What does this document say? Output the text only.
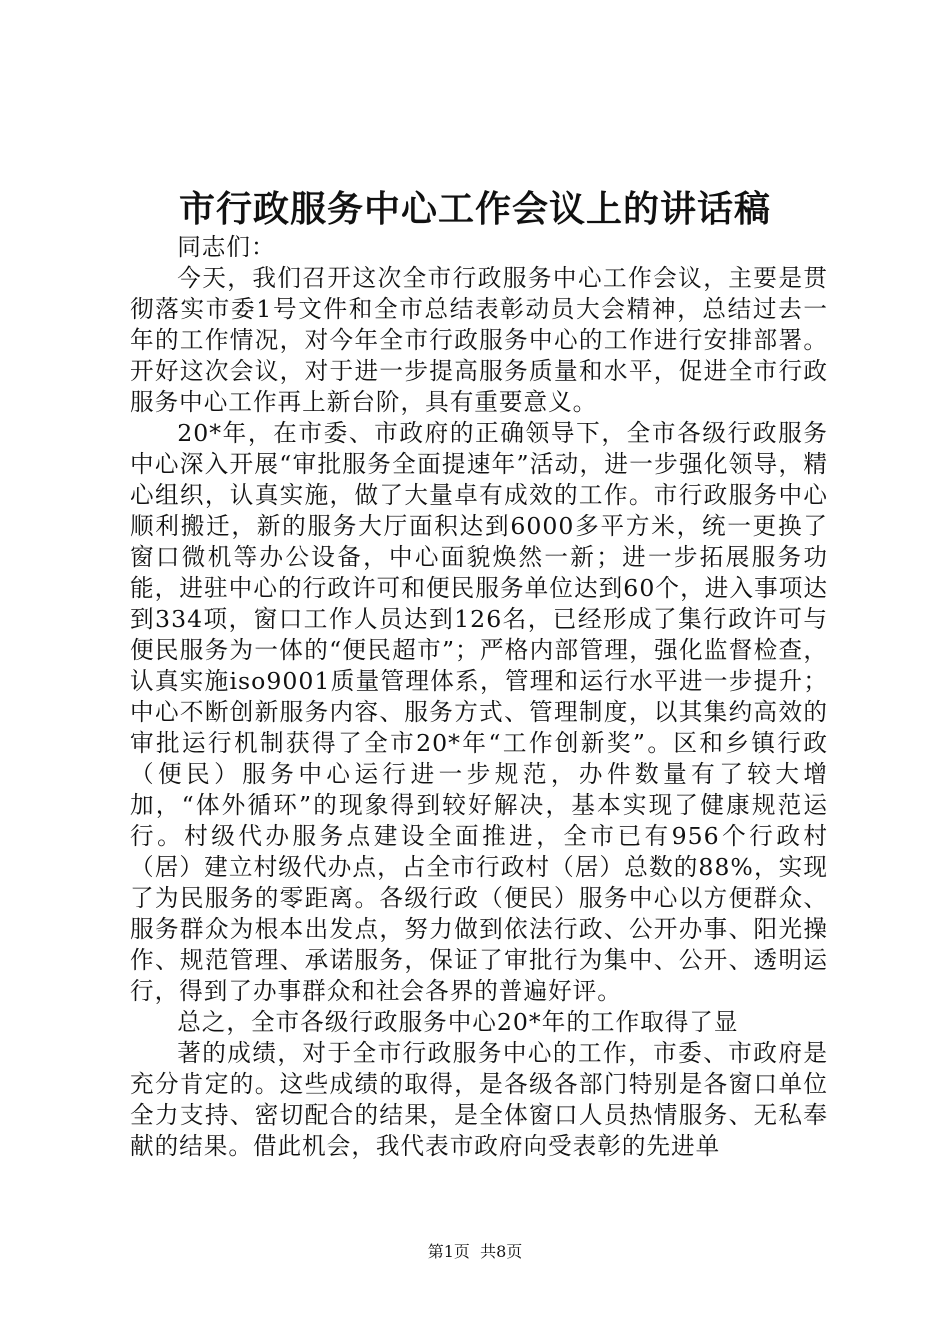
市行政服务中心工作会议上的讲话稿

同志们：

今天，我们召开这次全市行政服务中心工作会议，主要是贯彻落实市委1号文件和全市总结表彰动员大会精神，总结过去一年的工作情况，对今年全市行政服务中心的工作进行安排部署。开好这次会议，对于进一步提高服务质量和水平，促进全市行政服务中心工作再上新台阶，具有重要意义。

20*年，在市委、市政府的正确领导下，全市各级行政服务中心深入开展“审批服务全面提速年”活动，进一步强化领导，精心组织，认真实施，做了大量卓有成效的工作。市行政服务中心顺利搬迁，新的服务大厅面积达到6000多平方米，统一更换了窗口微机等办公设备，中心面貌焕然一新；进一步拓展服务功能，进驻中心的行政许可和便民服务单位达到60个，进入事项达到334项，窗口工作人员达到126名，已经形成了集行政许可与便民服务为一体的“便民超市”；严格内部管理，强化监督检查，认真实施iso9001质量管理体系，管理和运行水平进一步提升；中心不断创新服务内容、服务方式、管理制度，以其集约高效的审批运行机制获得了全市20*年“工作创新奖”。区和乡镇行政（便民）服务中心运行进一步规范，办件数量有了较大增加，“体外循环”的现象得到较好解决，基本实现了健康规范运行。村级代办服务点建设全面推进，全市已有956个行政村（居）建立村级代办点，占全市行政村（居）总数的88%，实现了为民服务的零距离。各级行政（便民）服务中心以方便群众、服务群众为根本出发点，努力做到依法行政、公开办事、阳光操作、规范管理、承诺服务，保证了审批行为集中、公开、透明运行，得到了办事群众和社会各界的普遍好评。

总之，全市各级行政服务中心20*年的工作取得了显

著的成绩，对于全市行政服务中心的工作，市委、市政府是充分肯定的。这些成绩的取得，是各级各部门特别是各窗口单位全力支持、密切配合的结果，是全体窗口人员热情服务、无私奉献的结果。借此机会，我代表市政府向受表彰的先进单

第1页  共8页
